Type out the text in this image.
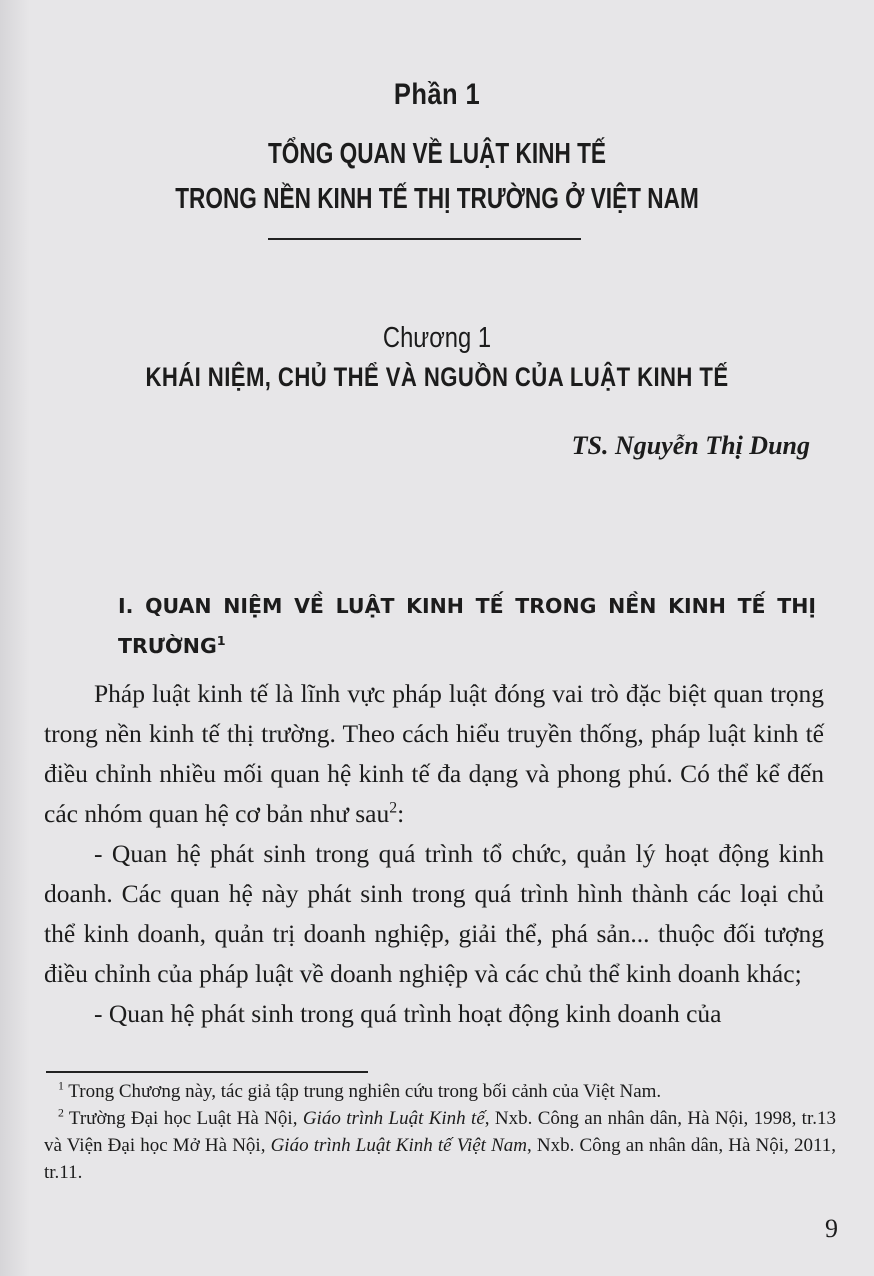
Phần 1
TỔNG QUAN VỀ LUẬT KINH TẾ
TRONG NỀN KINH TẾ THỊ TRƯỜNG Ở VIỆT NAM
Chương 1
KHÁI NIỆM, CHỦ THỂ VÀ NGUỒN CỦA LUẬT KINH TẾ
TS. Nguyễn Thị Dung
I. QUAN NIỆM VỀ LUẬT KINH TẾ TRONG NỀN KINH TẾ THỊ TRƯỜNG$^1$

Pháp luật kinh tế là lĩnh vực pháp luật đóng vai trò đặc biệt quan trọng trong nền kinh tế thị trường. Theo cách hiểu truyền thống, pháp luật kinh tế điều chỉnh nhiều mối quan hệ kinh tế đa dạng và phong phú. Có thể kể đến các nhóm quan hệ cơ bản như sau$^2$:

- Quan hệ phát sinh trong quá trình tổ chức, quản lý hoạt động kinh doanh. Các quan hệ này phát sinh trong quá trình hình thành các loại chủ thể kinh doanh, quản trị doanh nghiệp, giải thể, phá sản... thuộc đối tượng điều chỉnh của pháp luật về doanh nghiệp và các chủ thể kinh doanh khác;

- Quan hệ phát sinh trong quá trình hoạt động kinh doanh của

$^1$ Trong Chương này, tác giả tập trung nghiên cứu trong bối cảnh của Việt Nam.

$^2$ Trường Đại học Luật Hà Nội, Giáo trình Luật Kinh tế, Nxb. Công an nhân dân, Hà Nội, 1998, tr.13 và Viện Đại học Mở Hà Nội, Giáo trình Luật Kinh tế Việt Nam, Nxb. Công an nhân dân, Hà Nội, 2011, tr.11.

9
